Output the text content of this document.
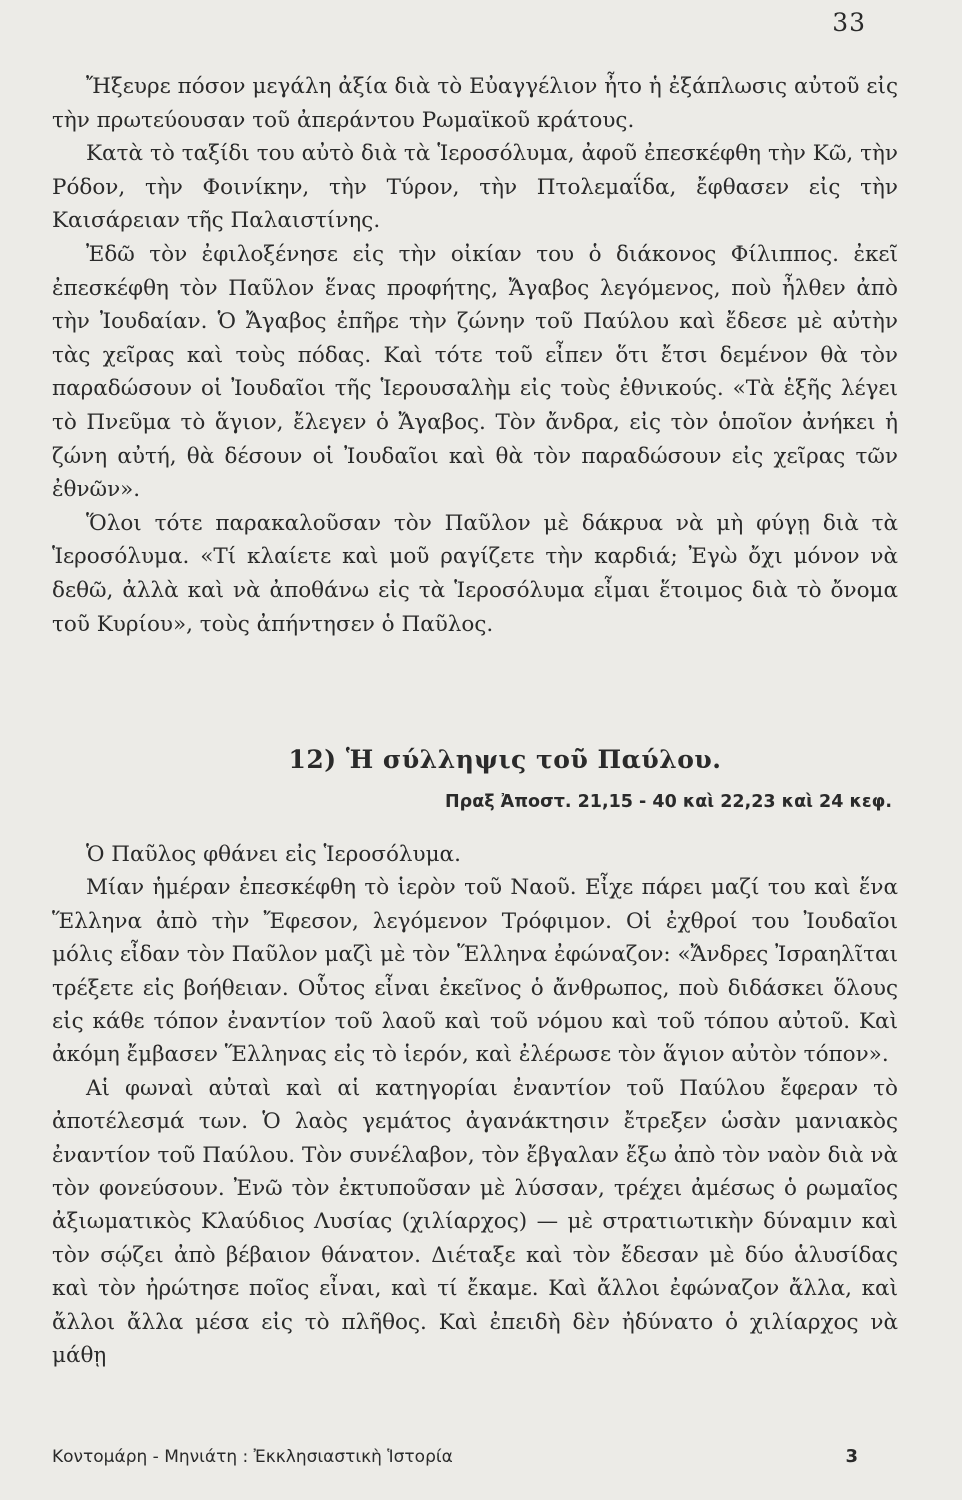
33

Ἤξευρε πόσον μεγάλη ἀξία διὰ τὸ Εὐαγγέλιον ἦτο ἡ ἐξάπλωσις αὐτοῦ εἰς τὴν πρωτεύουσαν τοῦ ἀπεράντου Ρωμαϊκοῦ κράτους.

Κατὰ τὸ ταξίδι του αὐτὸ διὰ τὰ Ἱεροσόλυμα, ἀφοῦ ἐπεσκέφθη τὴν Κῶ, τὴν Ρόδον, τὴν Φοινίκην, τὴν Τύρον, τὴν Πτολεμαΐδα, ἔφθασεν εἰς τὴν Καισάρειαν τῆς Παλαιστίνης.

Ἐδῶ τὸν ἐφιλοξένησε εἰς τὴν οἰκίαν του ὁ διάκονος Φίλιππος. ἐκεῖ ἐπεσκέφθη τὸν Παῦλον ἕνας προφήτης, Ἄγαβος λεγόμενος, ποὺ ἦλθεν ἀπὸ τὴν Ἰουδαίαν. Ὁ Ἄγαβος ἐπῆρε τὴν ζώνην τοῦ Παύλου καὶ ἔδεσε μὲ αὐτὴν τὰς χεῖρας καὶ τοὺς πόδας. Καὶ τότε τοῦ εἶπεν ὅτι ἔτσι δεμένον θὰ τὸν παραδώσουν οἱ Ἰουδαῖοι τῆς Ἱερουσαλὴμ εἰς τοὺς ἐθνικούς. «Τὰ ἑξῆς λέγει τὸ Πνεῦμα τὸ ἅγιον, ἔλεγεν ὁ Ἄγαβος. Τὸν ἄνδρα, εἰς τὸν ὁποῖον ἀνήκει ἡ ζώνη αὐτή, θὰ δέσουν οἱ Ἰουδαῖοι καὶ θὰ τὸν παραδώσουν εἰς χεῖρας τῶν ἐθνῶν».

Ὅλοι τότε παρακαλοῦσαν τὸν Παῦλον μὲ δάκρυα νὰ μὴ φύγῃ διὰ τὰ Ἱεροσόλυμα. «Τί κλαίετε καὶ μοῦ ραγίζετε τὴν καρδιά; Ἐγὼ ὄχι μόνον νὰ δεθῶ, ἀλλὰ καὶ νὰ ἀποθάνω εἰς τὰ Ἱεροσόλυμα εἶμαι ἕτοιμος διὰ τὸ ὄνομα τοῦ Κυρίου», τοὺς ἀπήντησεν ὁ Παῦλος.

12) Ἡ σύλληψις τοῦ Παύλου.
Πραξ Ἀποστ. 21,15 - 40 καὶ 22,23 καὶ 24 κεφ.

Ὁ Παῦλος φθάνει εἰς Ἱεροσόλυμα.

Μίαν ἡμέραν ἐπεσκέφθη τὸ ἱερὸν τοῦ Ναοῦ. Εἶχε πάρει μαζί του καὶ ἕνα Ἕλληνα ἀπὸ τὴν Ἔφεσον, λεγόμενον Τρόφιμον. Οἱ ἐχθροί του Ἰουδαῖοι μόλις εἶδαν τὸν Παῦλον μαζὶ μὲ τὸν Ἕλληνα ἐφώναζον: «Ἄνδρες Ἰσραηλῖται τρέξετε εἰς βοήθειαν. Οὗτος εἶναι ἐκεῖνος ὁ ἄνθρωπος, ποὺ διδάσκει ὅλους εἰς κάθε τόπον ἐναντίον τοῦ λαοῦ καὶ τοῦ νόμου καὶ τοῦ τόπου αὐτοῦ. Καὶ ἀκόμη ἔμβασεν Ἕλληνας εἰς τὸ ἱερόν, καὶ ἐλέρωσε τὸν ἅγιον αὐτὸν τόπον».

Αἱ φωναὶ αὐταὶ καὶ αἱ κατηγορίαι ἐναντίον τοῦ Παύλου ἔφεραν τὸ ἀποτέλεσμά των. Ὁ λαὸς γεμάτος ἀγανάκτησιν ἔτρεξεν ὡσὰν μανιακὸς ἐναντίον τοῦ Παύλου. Τὸν συνέλαβον, τὸν ἔβγαλαν ἔξω ἀπὸ τὸν ναὸν διὰ νὰ τὸν φονεύσουν. Ἐνῶ τὸν ἐκτυποῦσαν μὲ λύσσαν, τρέχει ἀμέσως ὁ ρωμαῖος ἀξιωματικὸς Κλαύδιος Λυσίας (χιλίαρχος) — μὲ στρατιωτικὴν δύναμιν καὶ τὸν σῴζει ἀπὸ βέβαιον θάνατον. Διέταξε καὶ τὸν ἔδεσαν μὲ δύο ἁλυσίδας καὶ τὸν ἠρώτησε ποῖος εἶναι, καὶ τί ἔκαμε. Καὶ ἄλλοι ἐφώναζον ἄλλα, καὶ ἄλλοι ἄλλα μέσα εἰς τὸ πλῆθος. Καὶ ἐπειδὴ δὲν ἠδύνατο ὁ χιλίαρχος νὰ μάθῃ

Κοντομάρη - Μηνιάτη : Ἐκκλησιαστικὴ Ἱστορία	3
